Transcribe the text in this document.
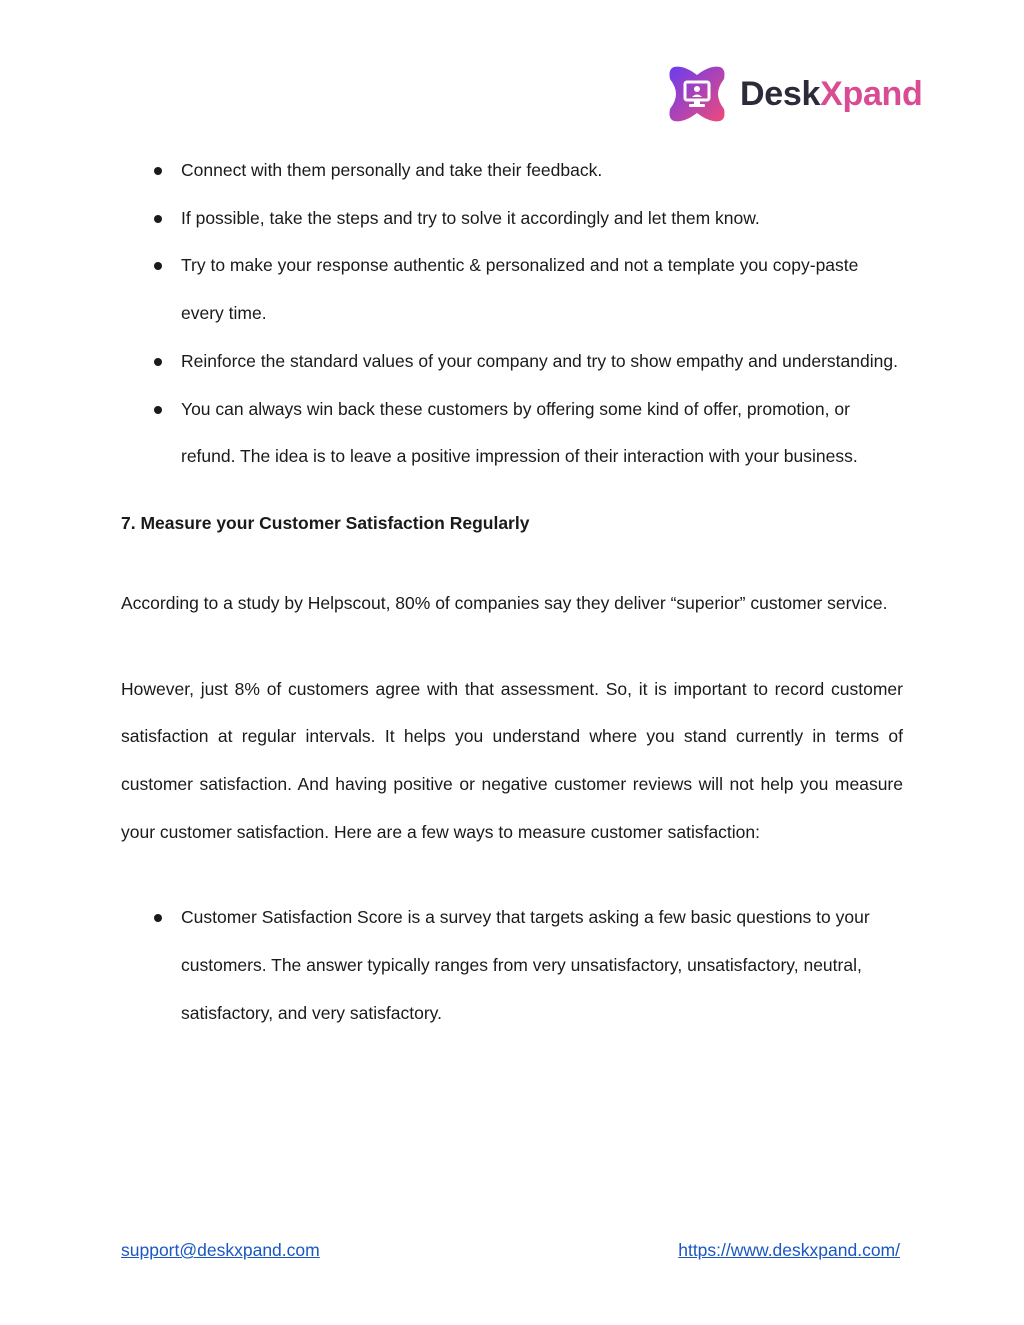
DeskXpand
Connect with them personally and take their feedback.
If possible, take the steps and try to solve it accordingly and let them know.
Try to make your response authentic & personalized and not a template you copy-paste every time.
Reinforce the standard values of your company and try to show empathy and understanding.
You can always win back these customers by offering some kind of offer, promotion, or refund. The idea is to leave a positive impression of their interaction with your business.

7. Measure your Customer Satisfaction Regularly

According to a study by Helpscout, 80% of companies say they deliver “superior” customer service.

However, just 8% of customers agree with that assessment. So, it is important to record customer satisfaction at regular intervals. It helps you understand where you stand currently in terms of customer satisfaction. And having positive or negative customer reviews will not help you measure your customer satisfaction. Here are a few ways to measure customer satisfaction:

Customer Satisfaction Score is a survey that targets asking a few basic questions to your customers. The answer typically ranges from very unsatisfactory, unsatisfactory, neutral, satisfactory, and very satisfactory.
support@deskxpand.com	https://www.deskxpand.com/
